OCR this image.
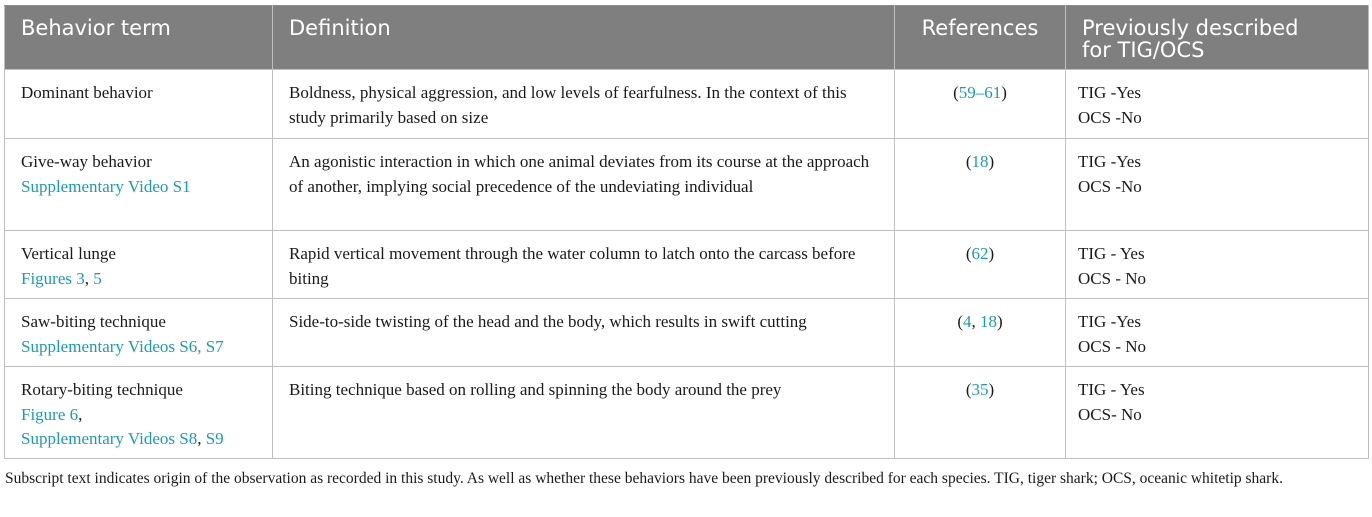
Behavior term	Definition	References	Previously described
for TIG/OCS

Dominant behavior	Boldness, physical aggression, and low levels of fearfulness. In the context of this study primarily based on size	(59–61)	TIG -Yes
OCS -No

Give-way behavior
Supplementary Video S1	An agonistic interaction in which one animal deviates from its course at the approach of another, implying social precedence of the undeviating individual	(18)	TIG -Yes
OCS -No

Vertical lunge
Figures 3, 5	Rapid vertical movement through the water column to latch onto the carcass before biting	(62)	TIG - Yes
OCS - No

Saw-biting technique
Supplementary Videos S6, S7	Side-to-side twisting of the head and the body, which results in swift cutting	(4, 18)	TIG -Yes
OCS - No

Rotary-biting technique
Figure 6,
Supplementary Videos S8, S9	Biting technique based on rolling and spinning the body around the prey	(35)	TIG - Yes
OCS- No
Subscript text indicates origin of the observation as recorded in this study. As well as whether these behaviors have been previously described for each species. TIG, tiger shark; OCS, oceanic whitetip shark.
